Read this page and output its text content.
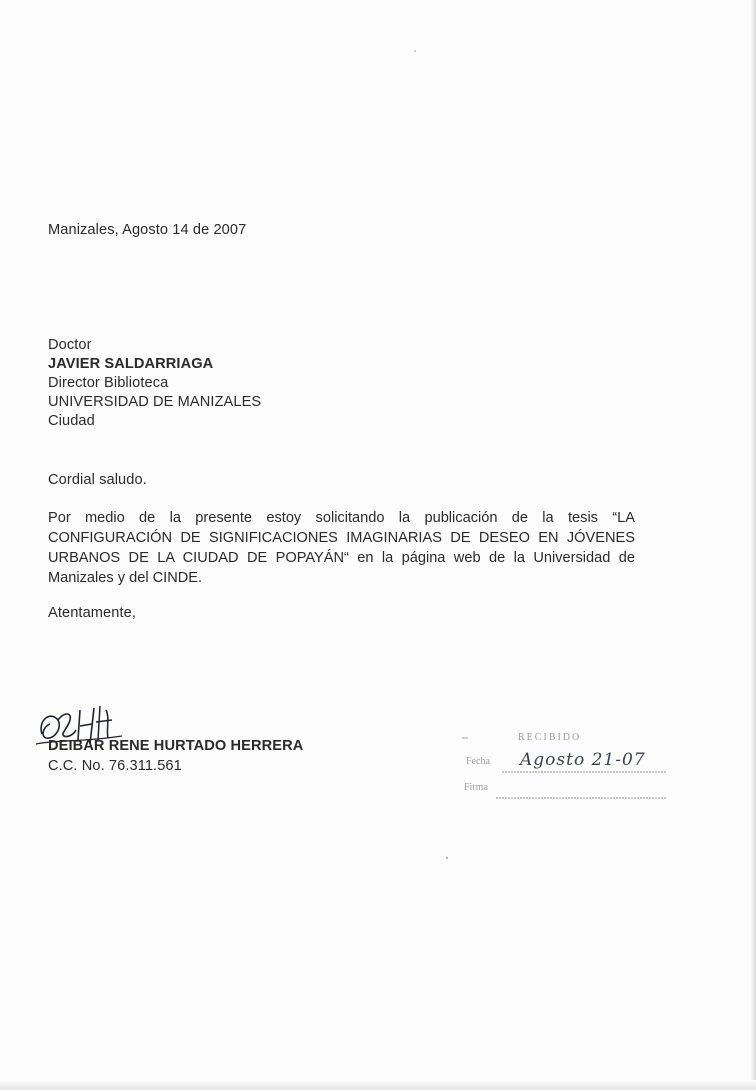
Manizales, Agosto 14 de 2007
Doctor
JAVIER SALDARRIAGA
Director Biblioteca
UNIVERSIDAD DE MANIZALES
Ciudad
Cordial saludo.
Por medio de la presente estoy solicitando la publicación de la tesis “LA CONFIGURACIÓN DE SIGNIFICACIONES IMAGINARIAS DE DESEO EN JÓVENES URBANOS DE LA CIUDAD DE POPAYÁN“ en la página web de la Universidad de Manizales y del CINDE.
Atentamente,
DEIBAR RENE HURTADO HERRERA
C.C. No. 76.311.561
RECIBIDO
Fecha Agosto 21-07
Firma
